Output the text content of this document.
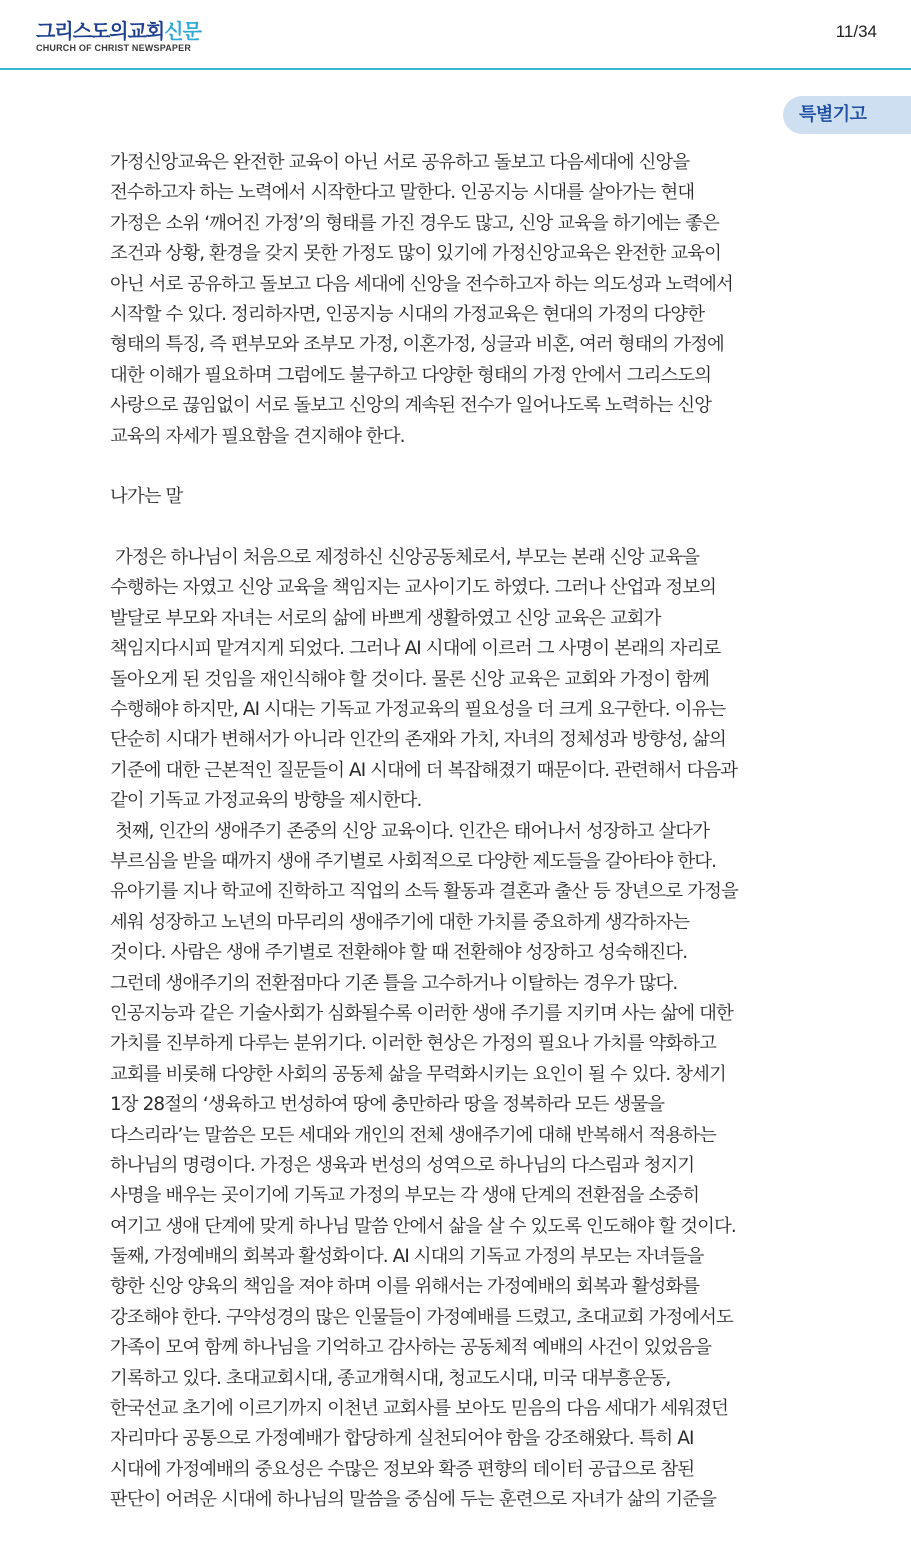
그리스도의교회신문
CHURCH OF CHRIST NEWSPAPER
11/34
특별기고
가정신앙교육은 완전한 교육이 아닌 서로 공유하고 돌보고 다음세대에 신앙을
전수하고자 하는 노력에서 시작한다고 말한다. 인공지능 시대를 살아가는 현대
가정은 소위 ‘깨어진 가정’의 형태를 가진 경우도 많고, 신앙 교육을 하기에는 좋은
조건과 상황, 환경을 갖지 못한 가정도 많이 있기에 가정신앙교육은 완전한 교육이
아닌 서로 공유하고 돌보고 다음 세대에 신앙을 전수하고자 하는 의도성과 노력에서
시작할 수 있다. 정리하자면, 인공지능 시대의 가정교육은 현대의 가정의 다양한
형태의 특징, 즉 편부모와 조부모 가정, 이혼가정, 싱글과 비혼, 여러 형태의 가정에
대한 이해가 필요하며 그럼에도 불구하고 다양한 형태의 가정 안에서 그리스도의
사랑으로 끊임없이 서로 돌보고 신앙의 계속된 전수가 일어나도록 노력하는 신앙
교육의 자세가 필요함을 견지해야 한다.
나가는 말
가정은 하나님이 처음으로 제정하신 신앙공동체로서, 부모는 본래 신앙 교육을
수행하는 자였고 신앙 교육을 책임지는 교사이기도 하였다. 그러나 산업과 정보의
발달로 부모와 자녀는 서로의 삶에 바쁘게 생활하였고 신앙 교육은 교회가
책임지다시피 맡겨지게 되었다. 그러나 AI 시대에 이르러 그 사명이 본래의 자리로
돌아오게 된 것임을 재인식해야 할 것이다. 물론 신앙 교육은 교회와 가정이 함께
수행해야 하지만, AI 시대는 기독교 가정교육의 필요성을 더 크게 요구한다. 이유는
단순히 시대가 변해서가 아니라 인간의 존재와 가치, 자녀의 정체성과 방향성, 삶의
기준에 대한 근본적인 질문들이 AI 시대에 더 복잡해졌기 때문이다. 관련해서 다음과
같이 기독교 가정교육의 방향을 제시한다.
첫째, 인간의 생애주기 존중의 신앙 교육이다. 인간은 태어나서 성장하고 살다가
부르심을 받을 때까지 생애 주기별로 사회적으로 다양한 제도들을 갈아타야 한다.
유아기를 지나 학교에 진학하고 직업의 소득 활동과 결혼과 출산 등 장년으로 가정을
세워 성장하고 노년의 마무리의 생애주기에 대한 가치를 중요하게 생각하자는
것이다. 사람은 생애 주기별로 전환해야 할 때 전환해야 성장하고 성숙해진다.
그런데 생애주기의 전환점마다 기존 틀을 고수하거나 이탈하는 경우가 많다.
인공지능과 같은 기술사회가 심화될수록 이러한 생애 주기를 지키며 사는 삶에 대한
가치를 진부하게 다루는 분위기다. 이러한 현상은 가정의 필요나 가치를 약화하고
교회를 비롯해 다양한 사회의 공동체 삶을 무력화시키는 요인이 될 수 있다. 창세기
1장 28절의 ‘생육하고 번성하여 땅에 충만하라 땅을 정복하라 모든 생물을
다스리라’는 말씀은 모든 세대와 개인의 전체 생애주기에 대해 반복해서 적용하는
하나님의 명령이다. 가정은 생육과 번성의 성역으로 하나님의 다스림과 청지기
사명을 배우는 곳이기에 기독교 가정의 부모는 각 생애 단계의 전환점을 소중히
여기고 생애 단계에 맞게 하나님 말씀 안에서 삶을 살 수 있도록 인도해야 할 것이다.
둘째, 가정예배의 회복과 활성화이다. AI 시대의 기독교 가정의 부모는 자녀들을
향한 신앙 양육의 책임을 져야 하며 이를 위해서는 가정예배의 회복과 활성화를
강조해야 한다. 구약성경의 많은 인물들이 가정예배를 드렸고, 초대교회 가정에서도
가족이 모여 함께 하나님을 기억하고 감사하는 공동체적 예배의 사건이 있었음을
기록하고 있다. 초대교회시대, 종교개혁시대, 청교도시대, 미국 대부흥운동,
한국선교 초기에 이르기까지 이천년 교회사를 보아도 믿음의 다음 세대가 세워졌던
자리마다 공통으로 가정예배가 합당하게 실천되어야 함을 강조해왔다. 특히 AI
시대에 가정예배의 중요성은 수많은 정보와 확증 편향의 데이터 공급으로 참된
판단이 어려운 시대에 하나님의 말씀을 중심에 두는 훈련으로 자녀가 삶의 기준을
